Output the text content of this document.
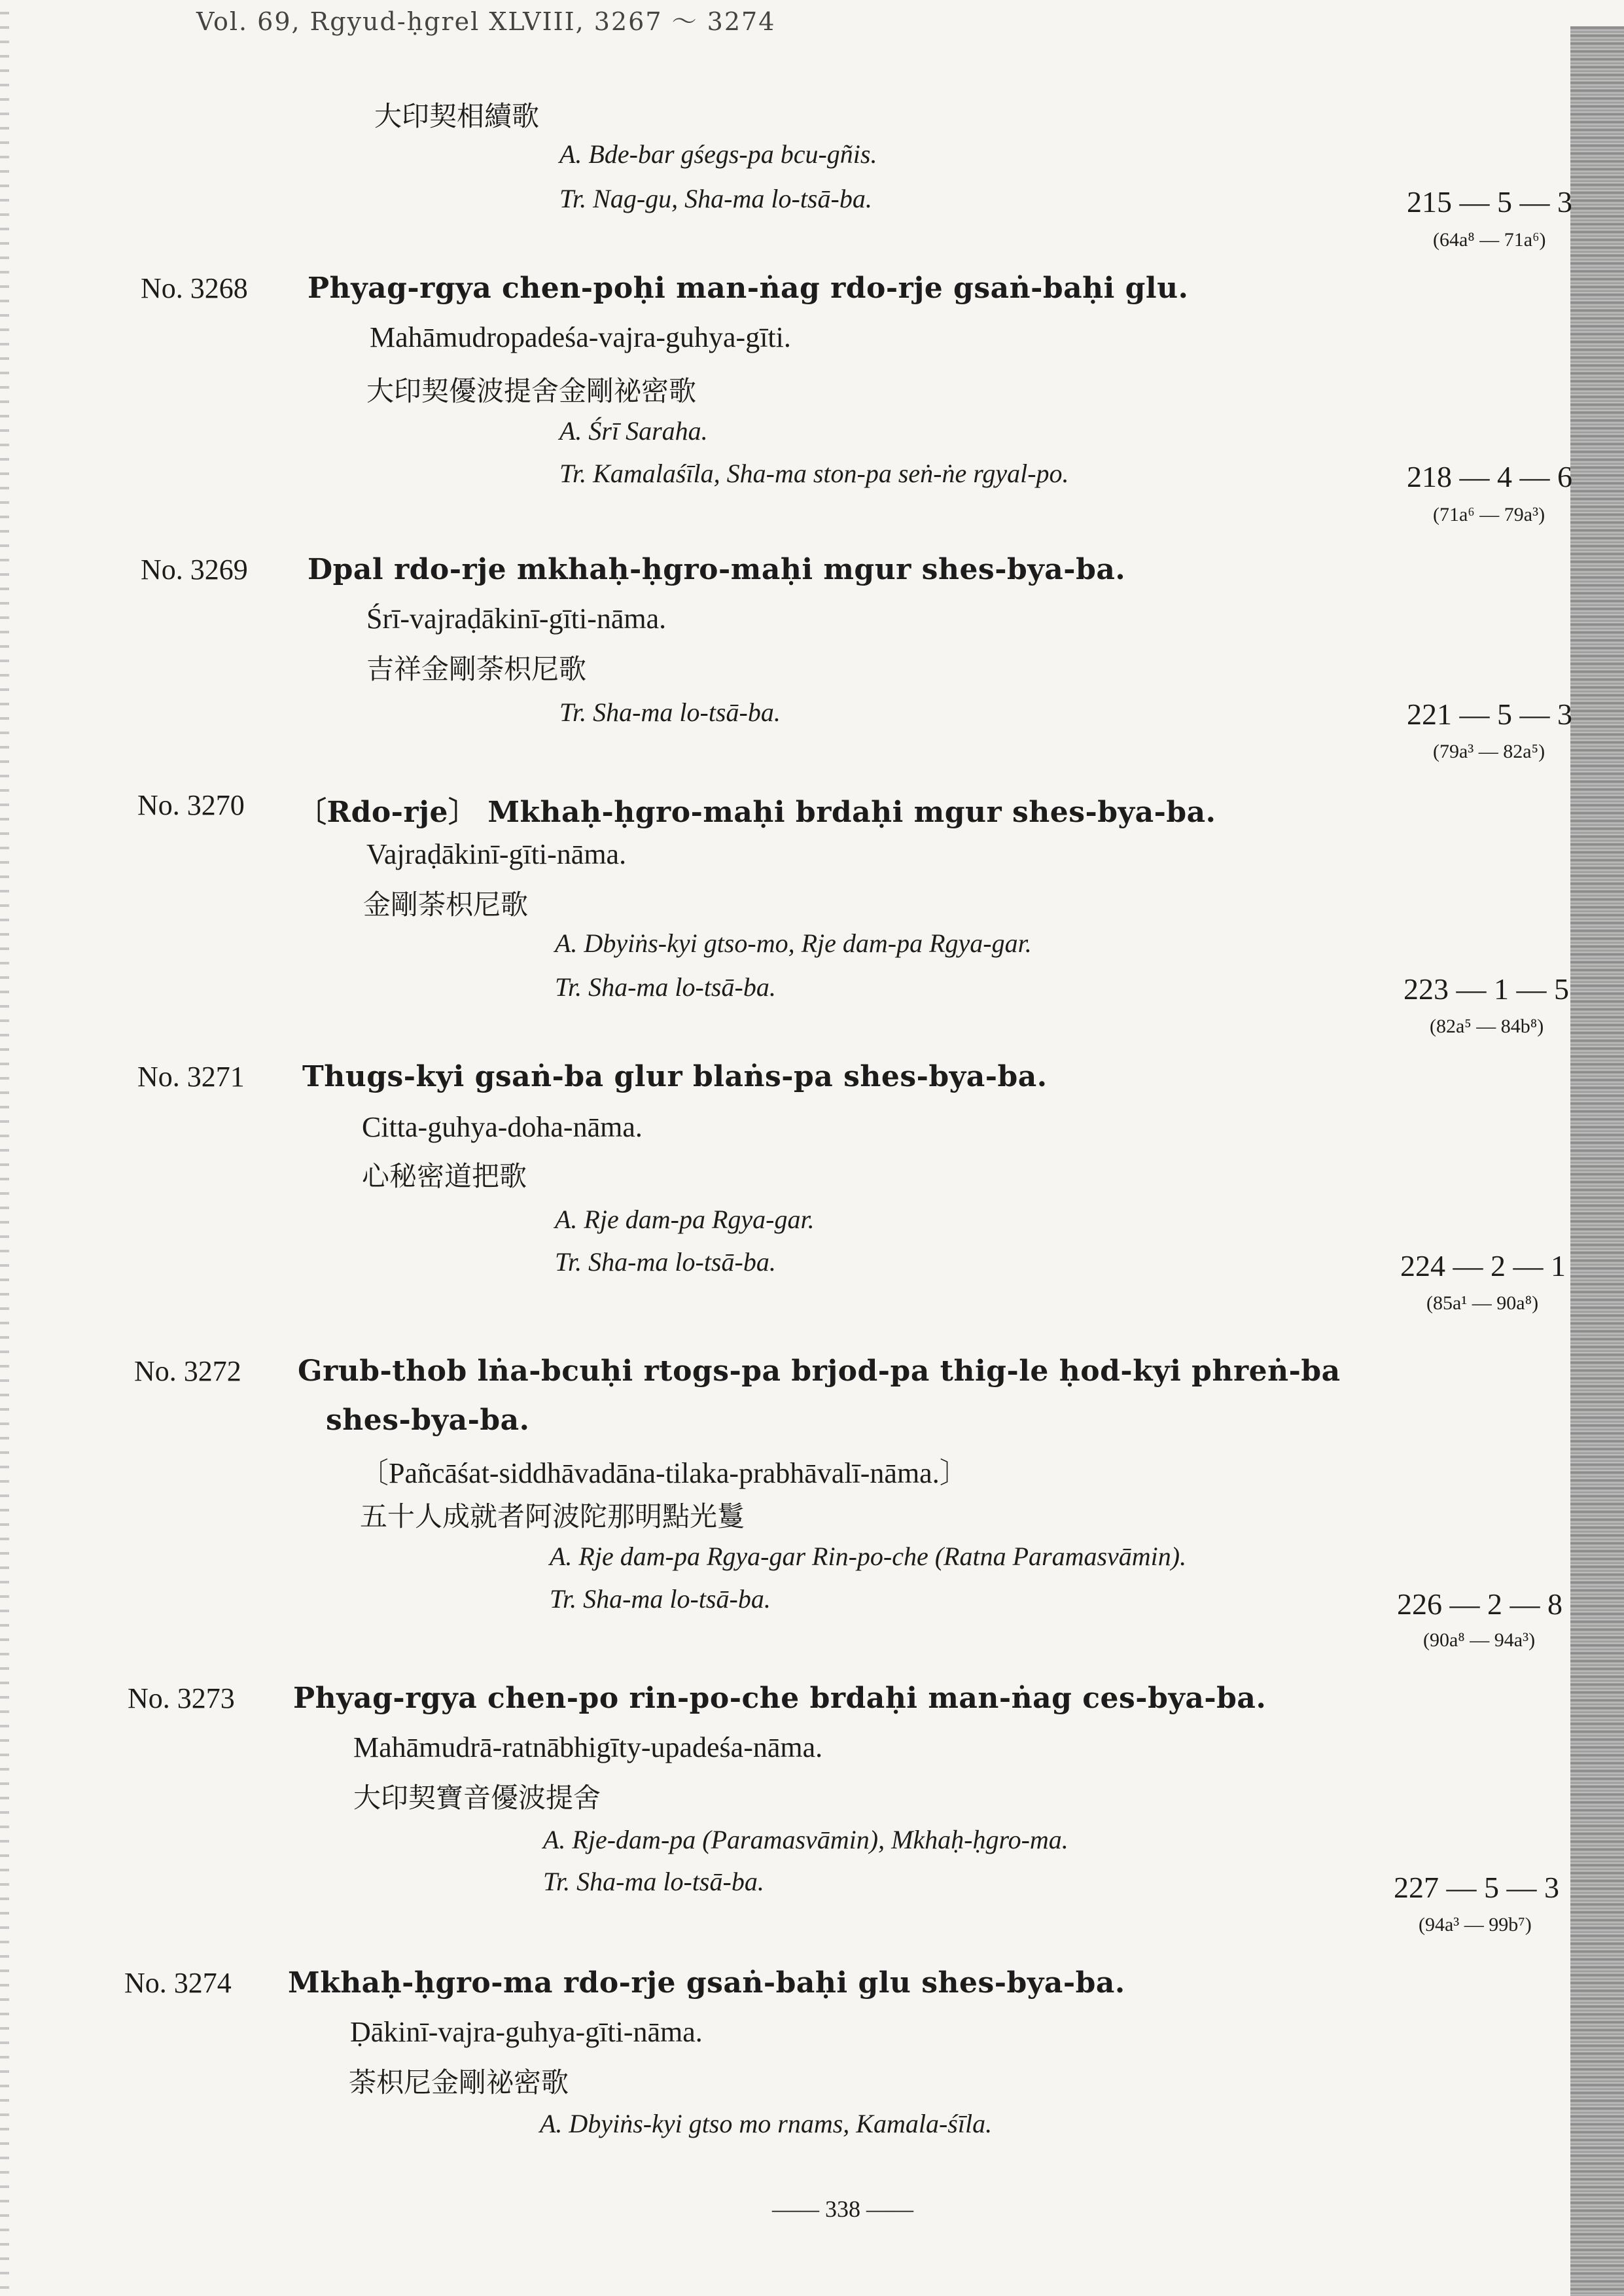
Vol. 69, Rgyud-ḥgrel XLVIII, 3267 ～ 3274
大印契相續歌
A. Bde-bar gśegs-pa bcu-gñis.
Tr. Nag-gu, Sha-ma lo-tsā-ba.	215 — 5 — 3
(64a⁸ — 71a⁶)
No. 3268 Phyag-rgya chen-poḥi man-ṅag rdo-rje gsaṅ-baḥi glu.
Mahāmudropadeśa-vajra-guhya-gīti.
大印契優波提舍金剛祕密歌
A. Śrī Saraha.
Tr. Kamalaśīla, Sha-ma ston-pa seṅ-ṅe rgyal-po.	218 — 4 — 6
(71a⁶ — 79a³)
No. 3269 Dpal rdo-rje mkhaḥ-ḥgro-maḥi mgur shes-bya-ba.
Śrī-vajraḍākinī-gīti-nāma.
吉祥金剛荼枳尼歌
Tr. Sha-ma lo-tsā-ba.	221 — 5 — 3
(79a³ — 82a⁵)
No. 3270 〔Rdo-rje〕 Mkhaḥ-ḥgro-maḥi brdaḥi mgur shes-bya-ba.
Vajraḍākinī-gīti-nāma.
金剛荼枳尼歌
A. Dbyiṅs-kyi gtso-mo, Rje dam-pa Rgya-gar.
Tr. Sha-ma lo-tsā-ba.	223 — 1 — 5
(82a⁵ — 84b⁸)
No. 3271 Thugs-kyi gsaṅ-ba glur blaṅs-pa shes-bya-ba.
Citta-guhya-doha-nāma.
心秘密道把歌
A. Rje dam-pa Rgya-gar.
Tr. Sha-ma lo-tsā-ba.	224 — 2 — 1
(85a¹ — 90a⁸)
No. 3272 Grub-thob lṅa-bcuḥi rtogs-pa brjod-pa thig-le ḥod-kyi phreṅ-ba
shes-bya-ba.
〔Pañcāśat-siddhāvadāna-tilaka-prabhāvalī-nāma.〕
五十人成就者阿波陀那明點光鬘
A. Rje dam-pa Rgya-gar Rin-po-che (Ratna Paramasvāmin).
Tr. Sha-ma lo-tsā-ba.	226 — 2 — 8
(90a⁸ — 94a³)
No. 3273 Phyag-rgya chen-po rin-po-che brdaḥi man-ṅag ces-bya-ba.
Mahāmudrā-ratnābhigīty-upadeśa-nāma.
大印契寶音優波提舍
A. Rje-dam-pa (Paramasvāmin), Mkhaḥ-ḥgro-ma.
Tr. Sha-ma lo-tsā-ba.	227 — 5 — 3
(94a³ — 99b⁷)
No. 3274 Mkhaḥ-ḥgro-ma rdo-rje gsaṅ-baḥi glu shes-bya-ba.
Ḍākinī-vajra-guhya-gīti-nāma.
荼枳尼金剛祕密歌
A. Dbyiṅs-kyi gtso mo rnams, Kamala-śīla.
—— 338 ——
